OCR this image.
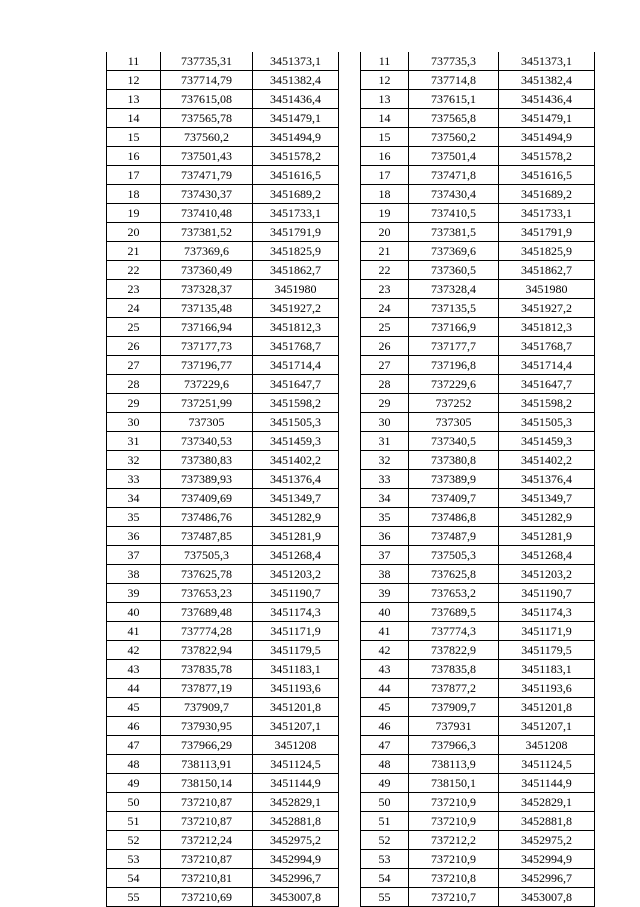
11	737735,31	3451373,1		11	737735,3	3451373,1
12	737714,79	3451382,4		12	737714,8	3451382,4
13	737615,08	3451436,4		13	737615,1	3451436,4
14	737565,78	3451479,1		14	737565,8	3451479,1
15	737560,2	3451494,9		15	737560,2	3451494,9
16	737501,43	3451578,2		16	737501,4	3451578,2
17	737471,79	3451616,5		17	737471,8	3451616,5
18	737430,37	3451689,2		18	737430,4	3451689,2
19	737410,48	3451733,1		19	737410,5	3451733,1
20	737381,52	3451791,9		20	737381,5	3451791,9
21	737369,6	3451825,9		21	737369,6	3451825,9
22	737360,49	3451862,7		22	737360,5	3451862,7
23	737328,37	3451980		23	737328,4	3451980
24	737135,48	3451927,2		24	737135,5	3451927,2
25	737166,94	3451812,3		25	737166,9	3451812,3
26	737177,73	3451768,7		26	737177,7	3451768,7
27	737196,77	3451714,4		27	737196,8	3451714,4
28	737229,6	3451647,7		28	737229,6	3451647,7
29	737251,99	3451598,2		29	737252	3451598,2
30	737305	3451505,3		30	737305	3451505,3
31	737340,53	3451459,3		31	737340,5	3451459,3
32	737380,83	3451402,2		32	737380,8	3451402,2
33	737389,93	3451376,4		33	737389,9	3451376,4
34	737409,69	3451349,7		34	737409,7	3451349,7
35	737486,76	3451282,9		35	737486,8	3451282,9
36	737487,85	3451281,9		36	737487,9	3451281,9
37	737505,3	3451268,4		37	737505,3	3451268,4
38	737625,78	3451203,2		38	737625,8	3451203,2
39	737653,23	3451190,7		39	737653,2	3451190,7
40	737689,48	3451174,3		40	737689,5	3451174,3
41	737774,28	3451171,9		41	737774,3	3451171,9
42	737822,94	3451179,5		42	737822,9	3451179,5
43	737835,78	3451183,1		43	737835,8	3451183,1
44	737877,19	3451193,6		44	737877,2	3451193,6
45	737909,7	3451201,8		45	737909,7	3451201,8
46	737930,95	3451207,1		46	737931	3451207,1
47	737966,29	3451208		47	737966,3	3451208
48	738113,91	3451124,5		48	738113,9	3451124,5
49	738150,14	3451144,9		49	738150,1	3451144,9
50	737210,87	3452829,1		50	737210,9	3452829,1
51	737210,87	3452881,8		51	737210,9	3452881,8
52	737212,24	3452975,2		52	737212,2	3452975,2
53	737210,87	3452994,9		53	737210,9	3452994,9
54	737210,81	3452996,7		54	737210,8	3452996,7
55	737210,69	3453007,8		55	737210,7	3453007,8
